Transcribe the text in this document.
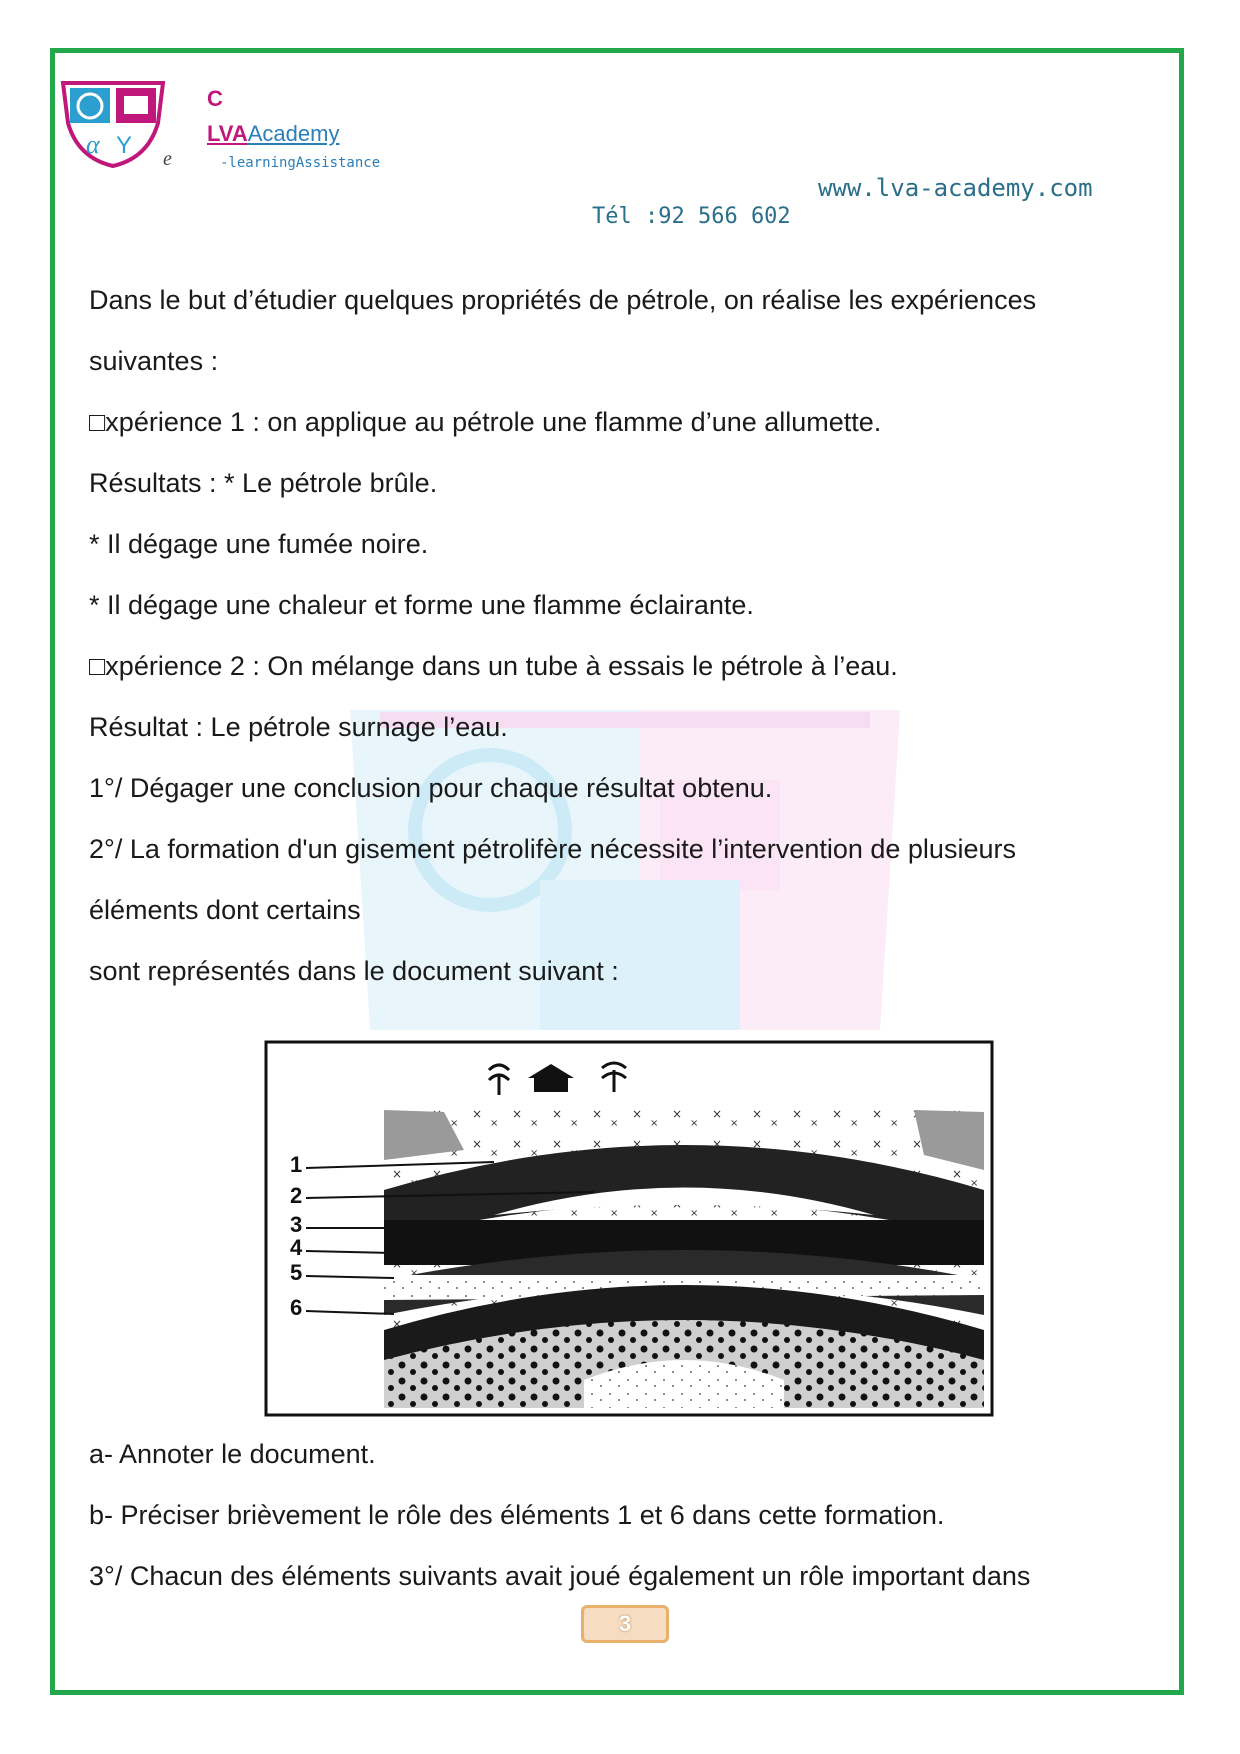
α Y
C
LVAAcademy
e	-learningAssistance
www.lva-academy.com
Tél :92 566 602
Dans le but d’étudier quelques propriétés de pétrole, on réalise les expériences
suivantes :
□xpérience 1 : on applique au pétrole une flamme d’une allumette.
Résultats : * Le pétrole brûle.
* Il dégage une fumée noire.
* Il dégage une chaleur et forme une flamme éclairante.
□xpérience 2 : On mélange dans un tube à essais le pétrole à l’eau.
Résultat : Le pétrole surnage l’eau.
1°/ Dégager une conclusion pour chaque résultat obtenu.
2°/ La formation d'un gisement pétrolifère nécessite l’intervention de plusieurs
éléments dont certains
sont représentés dans le document suivant :
1
2
3
4
5
6
a- Annoter le document.
b- Préciser brièvement le rôle des éléments 1 et 6 dans cette formation.
3°/ Chacun des éléments suivants avait joué également un rôle important dans
3
